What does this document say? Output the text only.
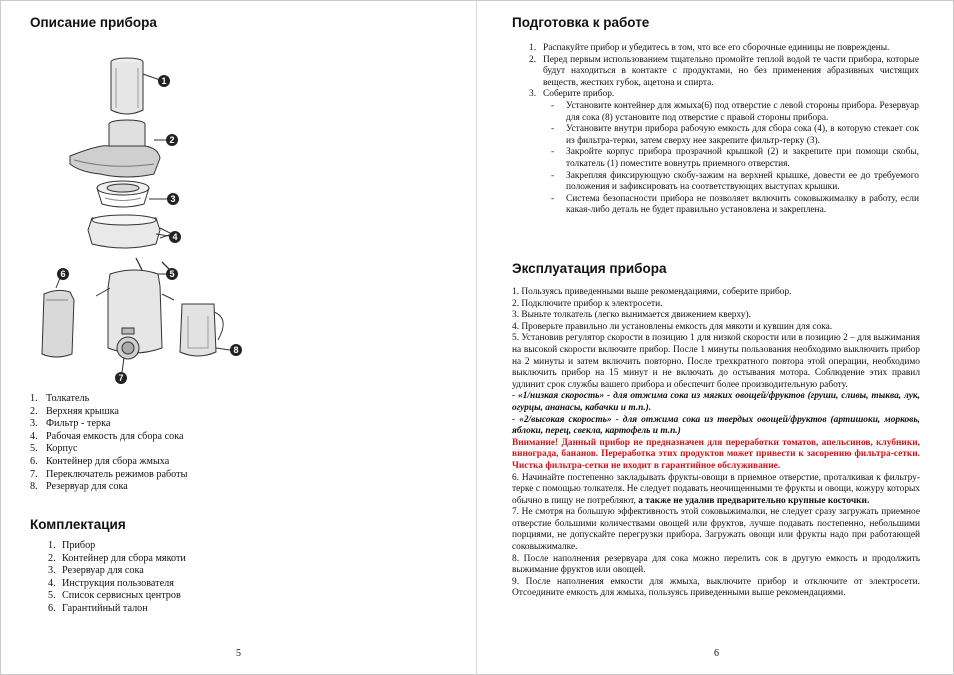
Описание прибора
1
2
3
4
5
6
7
8
1. Толкатель
2. Верхняя крышка
3. Фильтр - терка
4. Рабочая емкость для сбора сока
5. Корпус
6. Контейнер для сбора жмыха
7. Переключатель режимов работы
8. Резервуар для сока
Комплектация
1. Прибор
2. Контейнер для сбора мякоти
3. Резервуар для сока
4. Инструкция пользователя
5. Список сервисных центров
6. Гарантийный талон
5
Подготовка к работе
1. Распакуйте прибор и убедитесь в том, что все его сборочные единицы не повреждены.
2. Перед первым использованием тщательно промойте теплой водой те части прибора, которые будут находиться в контакте с продуктами, но без применения абразивных чистящих веществ, жестких губок, ацетона и спирта.
3. Соберите прибор.
-	Установите контейнер для жмыха(6) под отверстие с левой стороны прибора. Резервуар для сока (8) установите под отверстие с правой стороны прибора.
-	Установите внутри прибора рабочую емкость для сбора сока (4), в которую стекает сок из фильтра-терки, затем сверху нее закрепите фильтр-терку (3).
-	Закройте корпус прибора прозрачной крышкой (2) и закрепите при помощи скобы, толкатель (1) поместите вовнутрь приемного отверстия.
-	Закрепляя фиксирующую скобу-зажим на верхней крышке, довести ее до требуемого положения и зафиксировать на соответствующих выступах крышки.
-	Система безопасности прибора не позволяет включить соковыжималку в работу, если какая-либо деталь не будет правильно установлена и закреплена.
Эксплуатация прибора

1. Пользуясь приведенными выше рекомендациями, соберите прибор.

2. Подключите прибор к электросети.

3. Выньте толкатель (легко вынимается движением кверху).

4. Проверьте правильно ли установлены емкость для мякоти и кувшин для сока.

5. Установив регулятор скорости в позицию 1 для низкой скорости или в позицию 2 – для выжимания на высокой скорости включите прибор. После 1 минуты пользования необходимо выключить прибор на 2 минуты и затем включить повторно. После трехкратного повтора этой операции, необходимо выключить прибор на 15 минут и не включать до остывания мотора. Соблюдение этих правил удлинит срок службы вашего прибора и обеспечит более производительную работу.

- «1/низкая скорость» - для отжима сока из мягких овощей/фруктов (груши, сливы, тыква, лук, огурцы, ананасы, кабачки и т.п.).

- «2/высокая скорость» - для отжима сока из твердых овощей/фруктов (артишоки, морковь, яблоки, перец, свекла, картофель и т.п.)

Внимание! Данный прибор не предназначен для переработки томатов, апельсинов, клубники, винограда, бананов. Переработка этих продуктов может привести к засорению фильтра-сетки. Чистка фильтра-сетки не входит в гарантийное обслуживание.

6. Начинайте постепенно закладывать фрукты-овощи в приемное отверстие, проталкивая к фильтру-терке с помощью толкателя. Не следует подавать неочищенными те фрукты и овощи, кожуру которых обычно в пищу не потребляют, а также не удалив предварительно крупные косточки.

7. Не смотря на большую эффективность этой соковыжималки, не следует сразу загружать приемное отверстие большими количествами овощей или фруктов, лучше подавать постепенно, небольшими порциями, не допускайте перегрузки прибора. Загружать овощи или фрукты надо при работающей соковыжималке.

8. После наполнения резервуара для сока можно перелить сок в другую емкость и продолжить выжимание фруктов или овощей.

9. После наполнения емкости для жмыха, выключите прибор и отключите от электросети. Отсоедините емкость для жмыха, пользуясь приведенными выше рекомендациями.

6
